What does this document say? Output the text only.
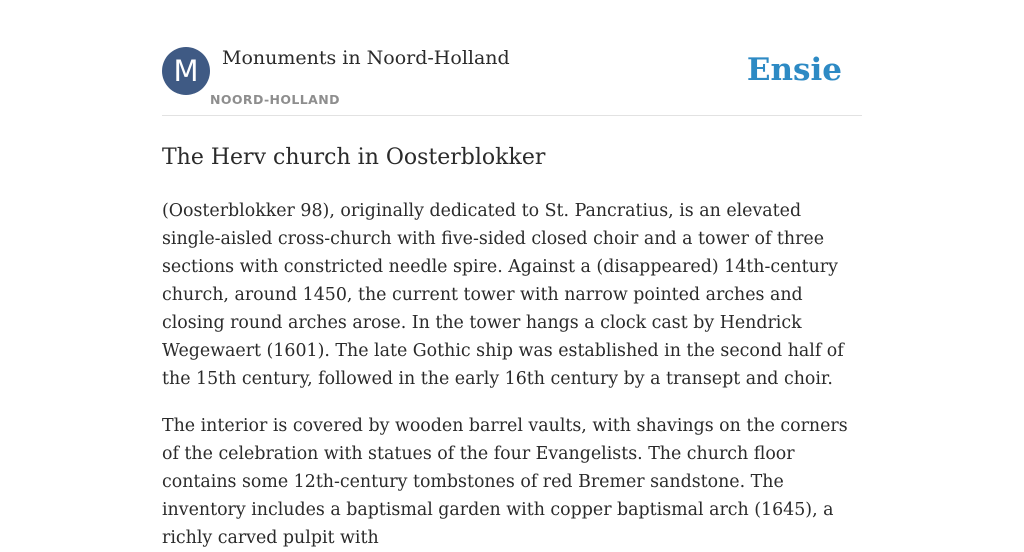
M	Monuments in Noord-Holland
NOORD-HOLLAND
Ensie
The Herv church in Oosterblokker

(Oosterblokker 98), originally dedicated to St. Pancratius, is an elevated single-aisled cross-church with five-sided closed choir and a tower of three sections with constricted needle spire. Against a (disappeared) 14th-century church, around 1450, the current tower with narrow pointed arches and closing round arches arose. In the tower hangs a clock cast by Hendrick Wegewaert (1601). The late Gothic ship was established in the second half of the 15th century, followed in the early 16th century by a transept and choir.

The interior is covered by wooden barrel vaults, with shavings on the corners of the celebration with statues of the four Evangelists. The church floor contains some 12th-century tombstones of red Bremer sandstone. The inventory includes a baptismal garden with copper baptismal arch (1645), a richly carved pulpit with
